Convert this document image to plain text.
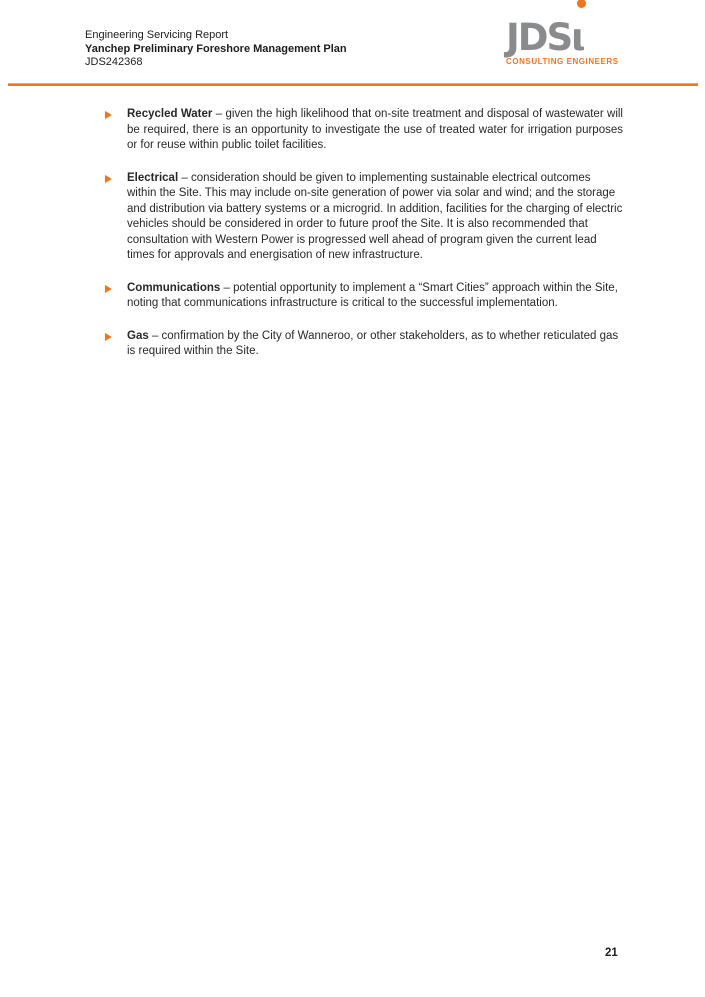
Engineering Servicing Report
Yanchep Preliminary Foreshore Management Plan
JDS242368
JDSι
CONSULTING ENGINEERS
Recycled Water – given the high likelihood that on-site treatment and disposal of wastewater will be required, there is an opportunity to investigate the use of treated water for irrigation purposes or for reuse within public toilet facilities.
Electrical – consideration should be given to implementing sustainable electrical outcomes within the Site. This may include on-site generation of power via solar and wind; and the storage and distribution via battery systems or a microgrid. In addition, facilities for the charging of electric vehicles should be considered in order to future proof the Site. It is also recommended that consultation with Western Power is progressed well ahead of program given the current lead times for approvals and energisation of new infrastructure.
Communications – potential opportunity to implement a “Smart Cities” approach within the Site, noting that communications infrastructure is critical to the successful implementation.
Gas – confirmation by the City of Wanneroo, or other stakeholders, as to whether reticulated gas is required within the Site.
21
